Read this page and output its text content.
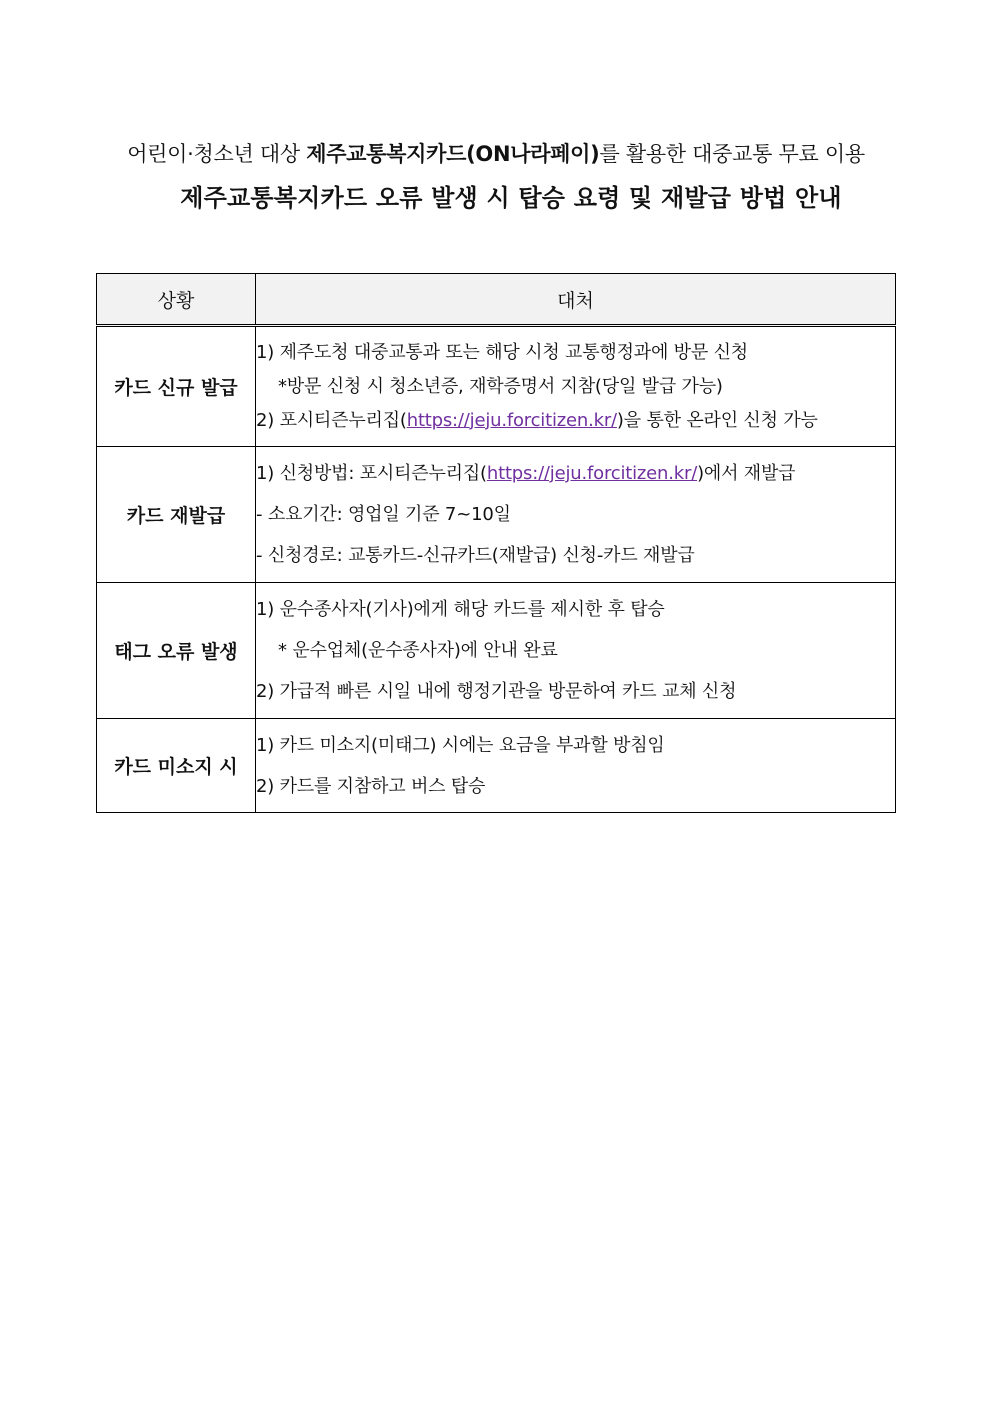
어린이·청소년 대상 제주교통복지카드(ON나라페이)를 활용한 대중교통 무료 이용
제주교통복지카드 오류 발생 시 탑승 요령 및 재발급 방법 안내
상황	대처
카드 신규 발급	1) 제주도청 대중교통과 또는 해당 시청 교통행정과에 방문 신청
*방문 신청 시 청소년증, 재학증명서 지참(당일 발급 가능)
2) 포시티즌누리집(https://jeju.forcitizen.kr/)을 통한 온라인 신청 가능

카드 재발급	1) 신청방법: 포시티즌누리집(https://jeju.forcitizen.kr/)에서 재발급
- 소요기간: 영업일 기준 7~10일
- 신청경로: 교통카드-신규카드(재발급) 신청-카드 재발급

태그 오류 발생	1) 운수종사자(기사)에게 해당 카드를 제시한 후 탑승
* 운수업체(운수종사자)에 안내 완료
2) 가급적 빠른 시일 내에 행정기관을 방문하여 카드 교체 신청

카드 미소지 시	1) 카드 미소지(미태그) 시에는 요금을 부과할 방침임
2) 카드를 지참하고 버스 탑승
